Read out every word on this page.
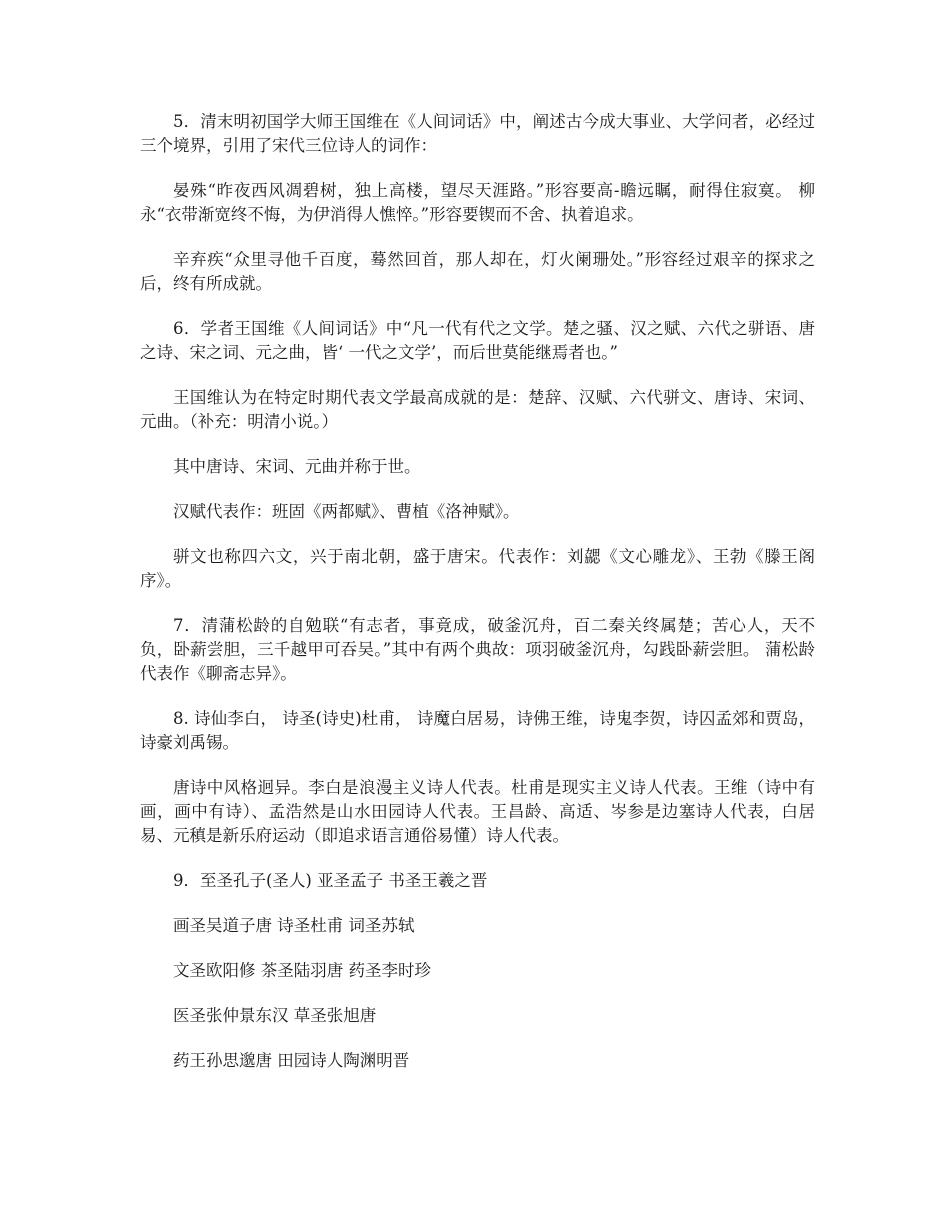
5．清末明初国学大师王国维在《人间词话》中，阐述古今成大事业、大学问者，必经过三个境界，引用了宋代三位诗人的词作：

晏殊“昨夜西风凋碧树，独上高楼，望尽天涯路。”形容要高-瞻远瞩，耐得住寂寞。 柳永“衣带渐宽终不悔，为伊消得人憔悴。”形容要锲而不舍、执着追求。

辛弃疾“众里寻他千百度，蓦然回首，那人却在，灯火阑珊处。”形容经过艰辛的探求之后，终有所成就。

6．学者王国维《人间词话》中“凡一代有代之文学。楚之骚、汉之赋、六代之骈语、唐之诗、宋之词、元之曲，皆‘ 一代之文学’，而后世莫能继焉者也。”

王国维认为在特定时期代表文学最高成就的是：楚辞、汉赋、六代骈文、唐诗、宋词、元曲。（补充：明清小说。）

其中唐诗、宋词、元曲并称于世。

汉赋代表作：班固《两都赋》、曹植《洛神赋》。

骈文也称四六文，兴于南北朝，盛于唐宋。代表作：刘勰《文心雕龙》、王勃《滕王阁序》。

7．清蒲松龄的自勉联“有志者，事竟成，破釜沉舟，百二秦关终属楚；苦心人，天不负，卧薪尝胆，三千越甲可吞吴。”其中有两个典故：项羽破釜沉舟，勾践卧薪尝胆。 蒲松龄代表作《聊斋志异》。

8. 诗仙李白， 诗圣(诗史)杜甫， 诗魔白居易，诗佛王维，诗鬼李贺，诗囚孟郊和贾岛， 诗豪刘禹锡。

唐诗中风格迥异。李白是浪漫主义诗人代表。杜甫是现实主义诗人代表。王维（诗中有画，画中有诗）、孟浩然是山水田园诗人代表。王昌龄、高适、岑参是边塞诗人代表，白居易、元稹是新乐府运动（即追求语言通俗易懂）诗人代表。

9．至圣孔子(圣人) 亚圣孟子 书圣王羲之晋

画圣吴道子唐 诗圣杜甫 词圣苏轼

文圣欧阳修 茶圣陆羽唐 药圣李时珍

医圣张仲景东汉 草圣张旭唐

药王孙思邈唐 田园诗人陶渊明晋
